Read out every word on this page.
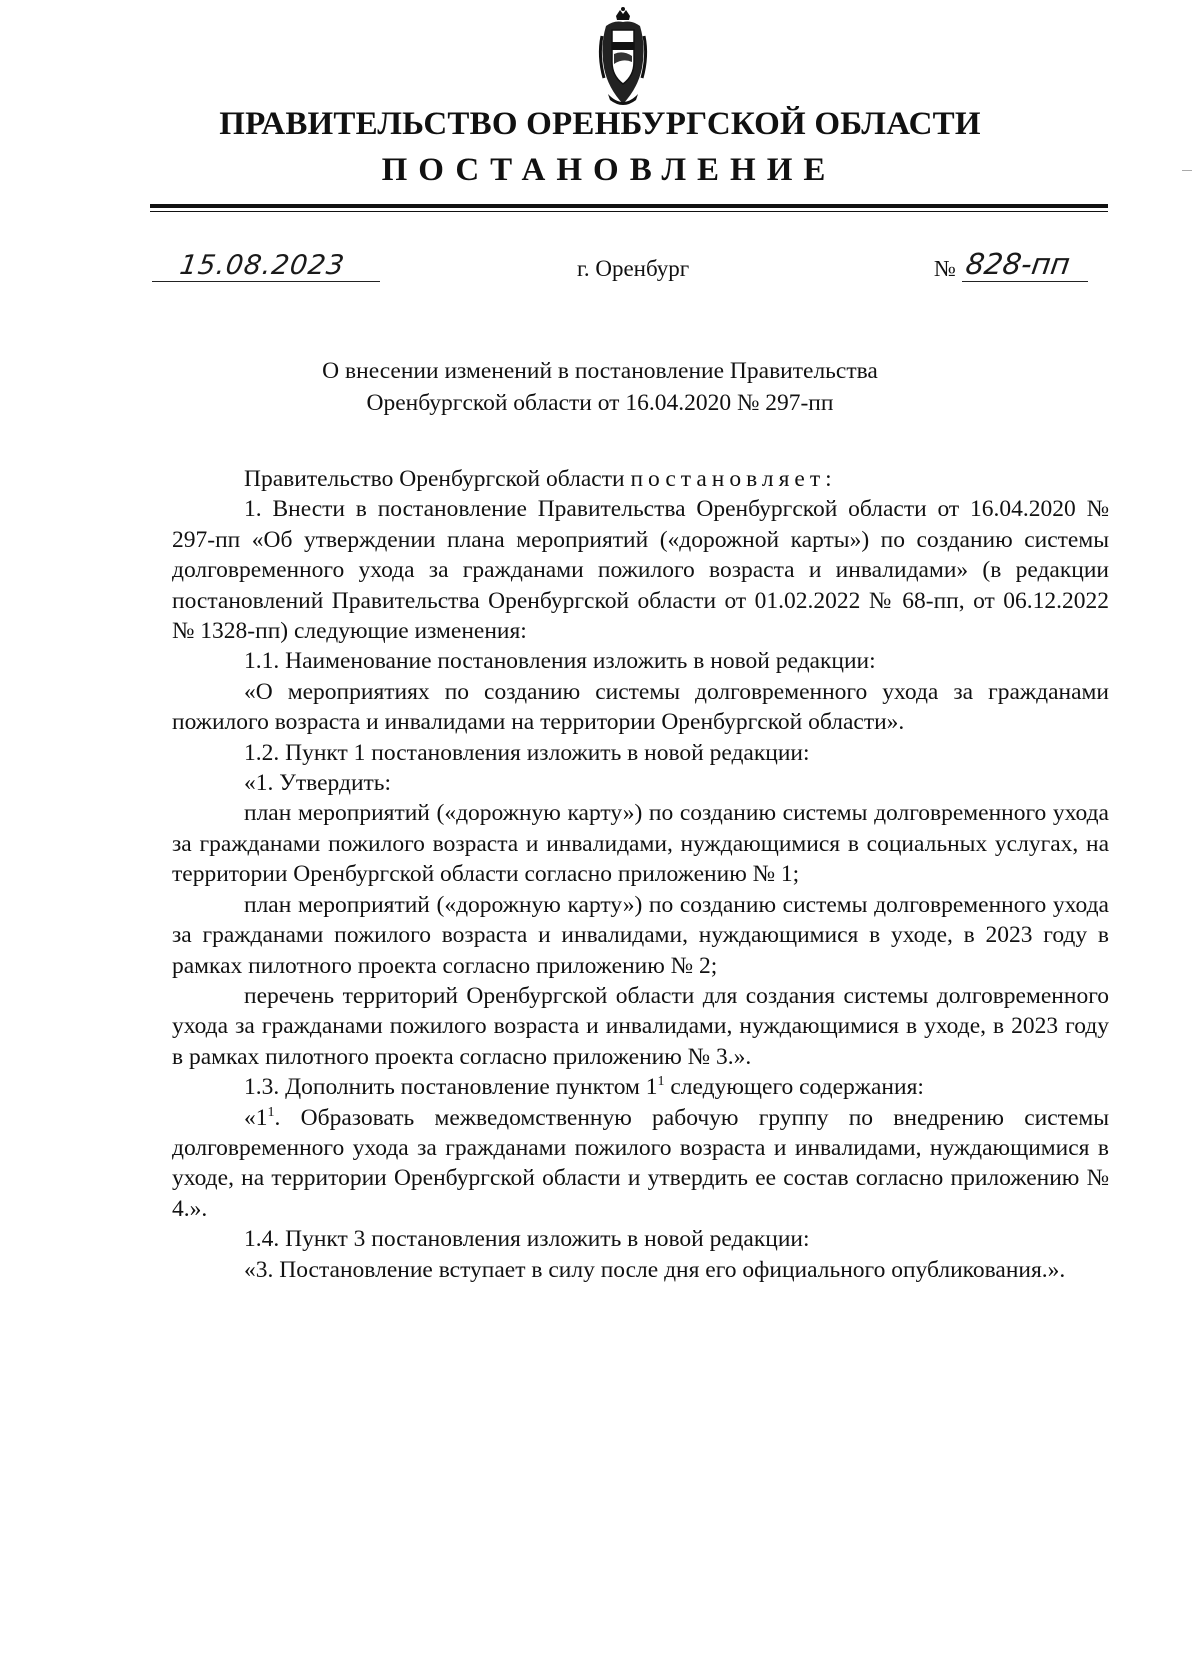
ПРАВИТЕЛЬСТВО ОРЕНБУРГСКОЙ ОБЛАСТИ
ПОСТАНОВЛЕНИЕ
15.08.2023	г. Оренбург	№ 828-пп
О внесении изменений в постановление Правительства
Оренбургской области от 16.04.2020 № 297-пп

Правительство Оренбургской области постановляет:

1. Внести в постановление Правительства Оренбургской области от 16.04.2020 № 297-пп «Об утверждении плана мероприятий («дорожной карты») по созданию системы долговременного ухода за гражданами пожилого возраста и инвалидами» (в редакции постановлений Правительства Оренбургской области от 01.02.2022 № 68-пп, от 06.12.2022 № 1328-пп) следующие изменения:

1.1. Наименование постановления изложить в новой редакции:

«О мероприятиях по созданию системы долговременного ухода за гражданами пожилого возраста и инвалидами на территории Оренбургской области».

1.2. Пункт 1 постановления изложить в новой редакции:

«1. Утвердить:

план мероприятий («дорожную карту») по созданию системы долговременного ухода за гражданами пожилого возраста и инвалидами, нуждающимися в социальных услугах, на территории Оренбургской области согласно приложению № 1;

план мероприятий («дорожную карту») по созданию системы долговременного ухода за гражданами пожилого возраста и инвалидами, нуждающимися в уходе, в 2023 году в рамках пилотного проекта согласно приложению № 2;

перечень территорий Оренбургской области для создания системы долговременного ухода за гражданами пожилого возраста и инвалидами, нуждающимися в уходе, в 2023 году в рамках пилотного проекта согласно приложению № 3.».

1.3. Дополнить постановление пунктом $1^1$ следующего содержания:

«$1^1$. Образовать межведомственную рабочую группу по внедрению системы долговременного ухода за гражданами пожилого возраста и инвалидами, нуждающимися в уходе, на территории Оренбургской области и утвердить ее состав согласно приложению № 4.».

1.4. Пункт 3 постановления изложить в новой редакции:

«3. Постановление вступает в силу после дня его официального опубликования.».
